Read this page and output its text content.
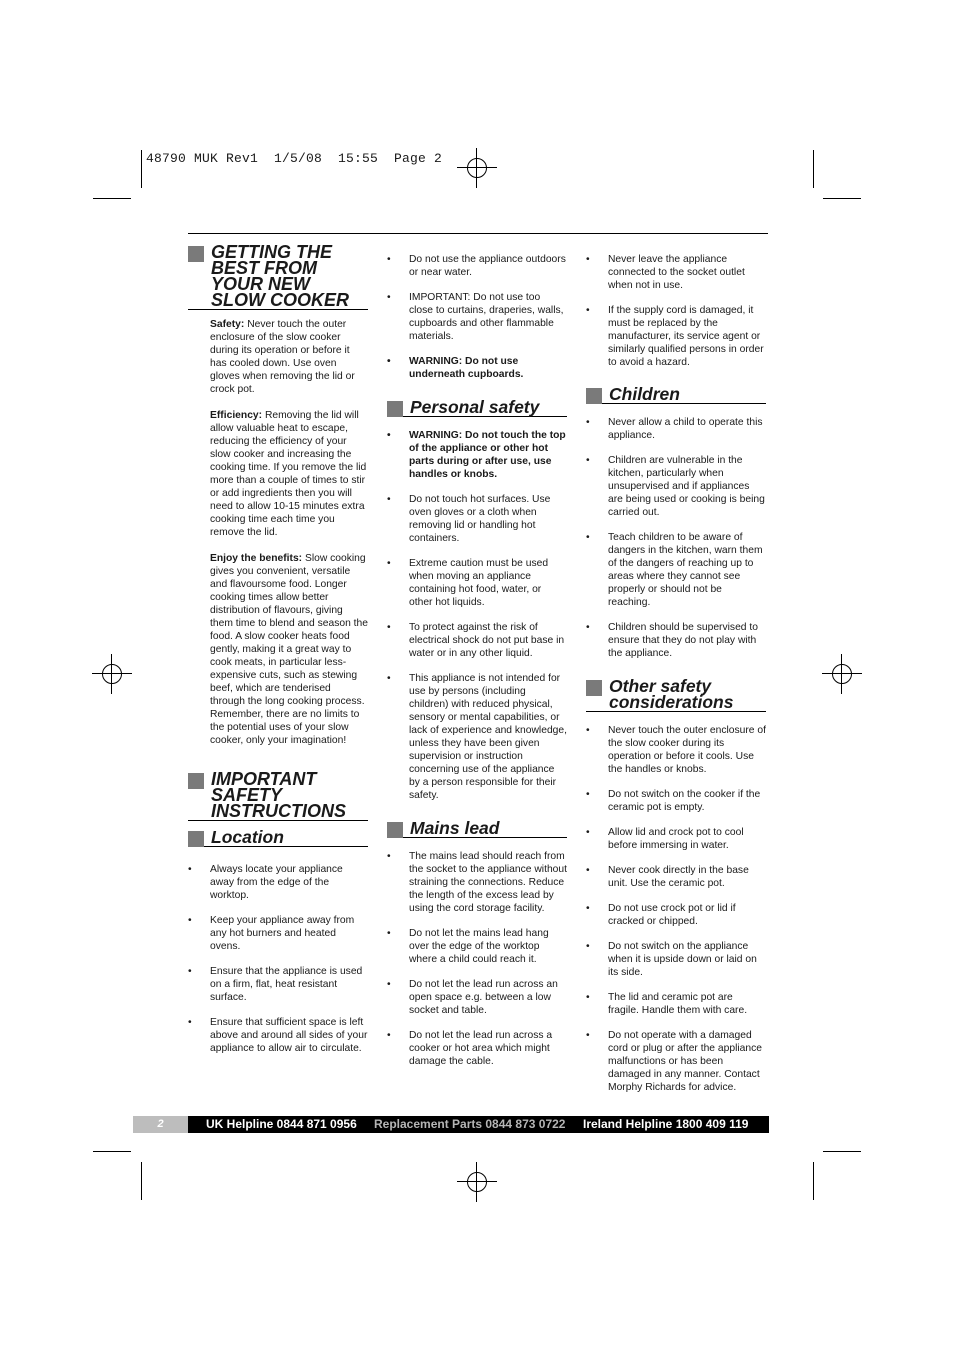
48790 MUK Rev1  1/5/08  15:55  Page 2
GETTING THE BEST FROM YOUR NEW SLOW COOKER

Safety: Never touch the outer enclosure of the slow cooker during its operation or before it has cooled down. Use oven gloves when removing the lid or crock pot.

Efficiency: Removing the lid will allow valuable heat to escape, reducing the efficiency of your slow cooker and increasing the cooking time. If you remove the lid more than a couple of times to stir or add ingredients then you will need to allow 10-15 minutes extra cooking time each time you remove the lid.

Enjoy the benefits: Slow cooking gives you convenient, versatile and flavoursome food. Longer cooking times allow better distribution of flavours, giving them time to blend and season the food. A slow cooker heats food gently, making it a great way to cook meats, in particular less-expensive cuts, such as stewing beef, which are tenderised through the long cooking process. Remember, there are no limits to the potential uses of your slow cooker, only your imagination!

IMPORTANT SAFETY INSTRUCTIONS
Location
• Always locate your appliance away from the edge of the worktop.
• Keep your appliance away from any hot burners and heated ovens.
• Ensure that the appliance is used on a firm, flat, heat resistant surface.
• Ensure that sufficient space is left above and around all sides of your appliance to allow air to circulate.
• Do not use the appliance outdoors or near water.
• IMPORTANT: Do not use too close to curtains, draperies, walls, cupboards and other flammable materials.
• WARNING: Do not use underneath cupboards.
Personal safety
• WARNING: Do not touch the top of the appliance or other hot parts during or after use, use handles or knobs.
• Do not touch hot surfaces. Use oven gloves or a cloth when removing lid or handling hot containers.
• Extreme caution must be used when moving an appliance containing hot food, water, or other hot liquids.
• To protect against the risk of electrical shock do not put base in water or in any other liquid.
• This appliance is not intended for use by persons (including children) with reduced physical, sensory or mental capabilities, or lack of experience and knowledge, unless they have been given supervision or instruction concerning use of the appliance by a person responsible for their safety.
Mains lead
• The mains lead should reach from the socket to the appliance without straining the connections. Reduce the length of the excess lead by using the cord storage facility.
• Do not let the mains lead hang over the edge of the worktop where a child could reach it.
• Do not let the lead run across an open space e.g. between a low socket and table.
• Do not let the lead run across a cooker or hot area which might damage the cable.
• Never leave the appliance connected to the socket outlet when not in use.
• If the supply cord is damaged, it must be replaced by the manufacturer, its service agent or similarly qualified persons in order to avoid a hazard.
Children
• Never allow a child to operate this appliance.
• Children are vulnerable in the kitchen, particularly when unsupervised and if appliances are being used or cooking is being carried out.
• Teach children to be aware of dangers in the kitchen, warn them of the dangers of reaching up to areas where they cannot see properly or should not be reaching.
• Children should be supervised to ensure that they do not play with the appliance.
Other safety considerations
• Never touch the outer enclosure of the slow cooker during its operation or before it cools. Use the handles or knobs.
• Do not switch on the cooker if the ceramic pot is empty.
• Allow lid and crock pot to cool before immersing in water.
• Never cook directly in the base unit. Use the ceramic pot.
• Do not use crock pot or lid if cracked or chipped.
• Do not switch on the appliance when it is upside down or laid on its side.
• The lid and ceramic pot are fragile. Handle them with care.
• Do not operate with a damaged cord or plug or after the appliance malfunctions or has been damaged in any manner. Contact Morphy Richards for advice.
2	UK Helpline 0844 871 0956 Replacement Parts 0844 873 0722 Ireland Helpline 1800 409 119
